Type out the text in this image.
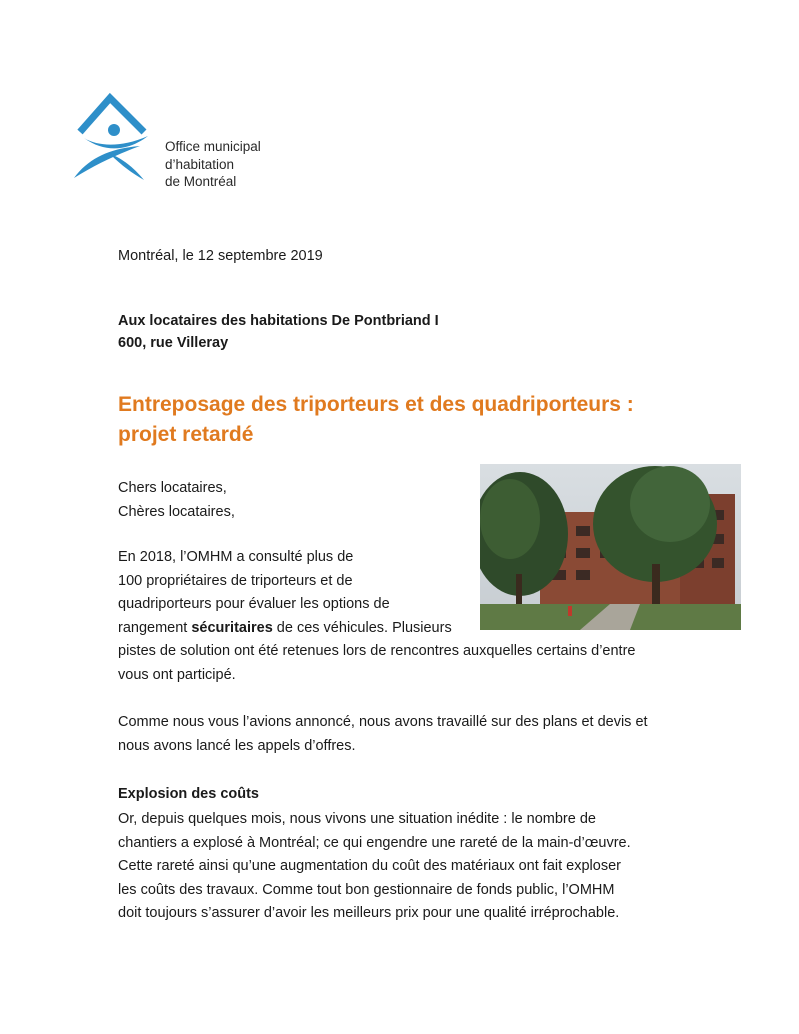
Office municipal
d’habitation
de Montréal
Montréal, le 12 septembre 2019
Aux locataires des habitations De Pontbriand I
600, rue Villeray
Entreposage des triporteurs et des quadriporteurs :
projet retardé
Chers locataires,
Chères locataires,
En 2018, l’OMHM a consulté plus de
100 propriétaires de triporteurs et de
quadriporteurs pour évaluer les options de
rangement sécuritaires de ces véhicules. Plusieurs
pistes de solution ont été retenues lors de rencontres auxquelles certains d’entre
vous ont participé.
Comme nous vous l’avions annoncé, nous avons travaillé sur des plans et devis et
nous avons lancé les appels d’offres.
Explosion des coûts
Or, depuis quelques mois, nous vivons une situation inédite : le nombre de
chantiers a explosé à Montréal; ce qui engendre une rareté de la main-d’œuvre.
Cette rareté ainsi qu’une augmentation du coût des matériaux ont fait exploser
les coûts des travaux. Comme tout bon gestionnaire de fonds public, l’OMHM
doit toujours s’assurer d’avoir les meilleurs prix pour une qualité irréprochable.
